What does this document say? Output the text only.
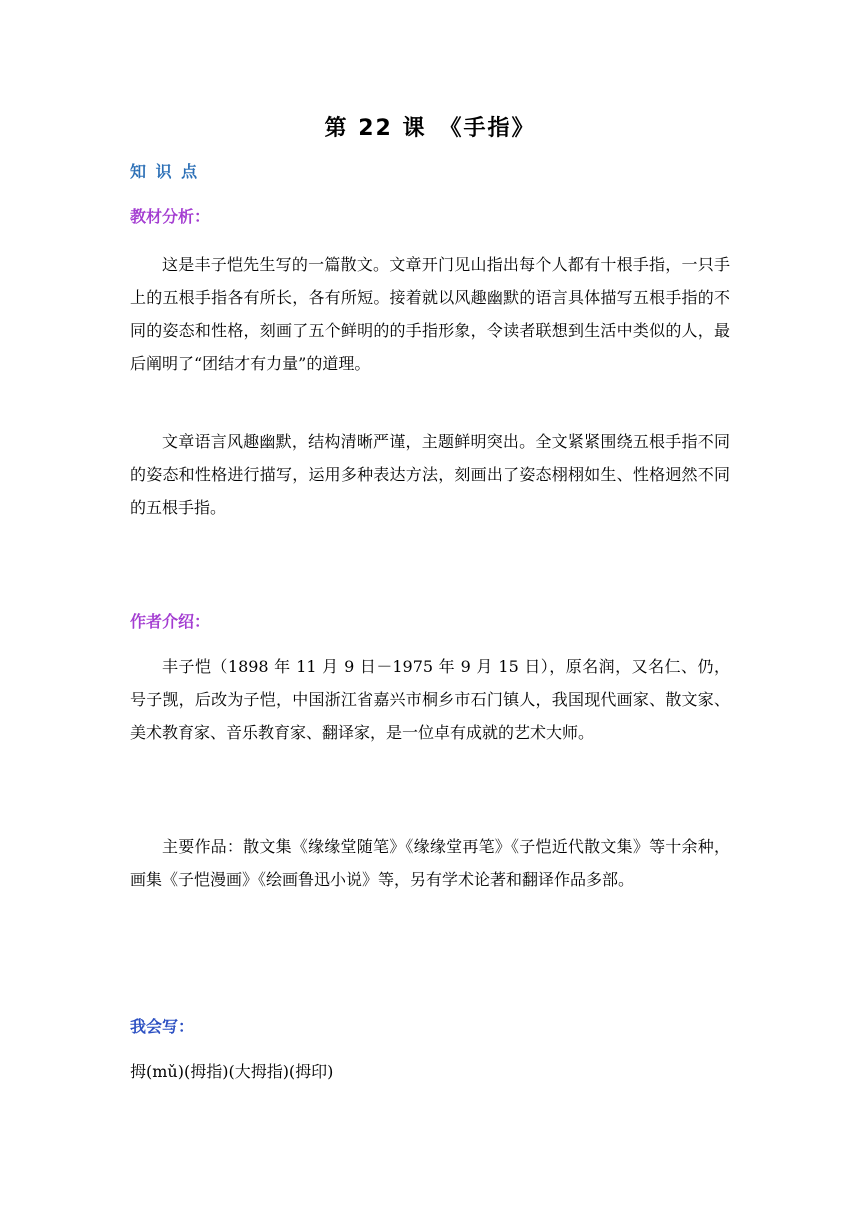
第 22 课　《手指》

知 识 点

教材分析：

这是丰子恺先生写的一篇散文。文章开门见山指出每个人都有十根手指，一只手上的五根手指各有所长，各有所短。接着就以风趣幽默的语言具体描写五根手指的不同的姿态和性格，刻画了五个鲜明的的手指形象，令读者联想到生活中类似的人，最后阐明了“团结才有力量”的道理。

文章语言风趣幽默，结构清晰严谨，主题鲜明突出。全文紧紧围绕五根手指不同的姿态和性格进行描写，运用多种表达方法，刻画出了姿态栩栩如生、性格迥然不同的五根手指。

作者介绍：

丰子恺（1898 年 11 月 9 日－1975 年 9 月 15 日），原名润，又名仁、仍，号子觊，后改为子恺，中国浙江省嘉兴市桐乡市石门镇人，我国现代画家、散文家、美术教育家、音乐教育家、翻译家，是一位卓有成就的艺术大师。

主要作品：散文集《缘缘堂随笔》《缘缘堂再笔》《子恺近代散文集》等十余种，画集《子恺漫画》《绘画鲁迅小说》等，另有学术论著和翻译作品多部。

我会写：

拇(mǔ)(拇指)(大拇指)(拇印)
